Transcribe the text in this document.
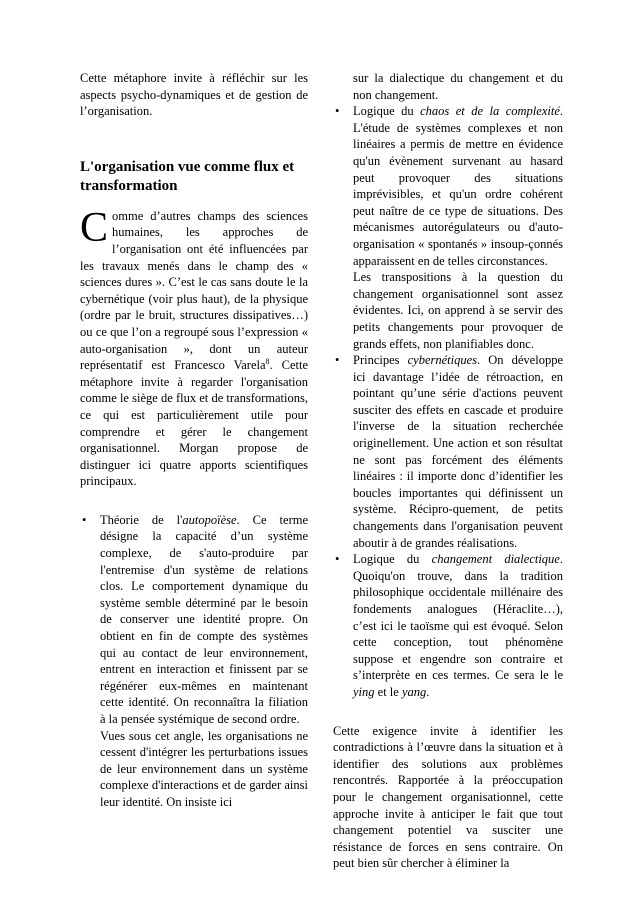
Cette métaphore invite à réfléchir sur les aspects psycho-dynamiques et de gestion de l’organisation.

L'organisation vue comme flux et transformation

Comme d’autres champs des sciences humaines, les approches de l’organisation ont été influencées par les travaux menés dans le champ des « sciences dures ». C’est le cas sans doute le la cybernétique (voir plus haut), de la physique (ordre par le bruit, structures dissipatives…) ou ce que l’on a regroupé sous l’expression « auto-organisation », dont un auteur représentatif est Francesco Varela$^8$. Cette métaphore invite à regarder l'organisation comme le siège de flux et de transformations, ce qui est particulièrement utile pour comprendre et gérer le changement organisationnel. Morgan propose de distinguer ici quatre apports scientifiques principaux.

• Théorie de l'autopoïèse. Ce terme désigne la capacité d’un système complexe, de s'auto-produire par l'entremise d'un système de relations clos. Le comportement dynamique du système semble déterminé par le besoin de conserver une identité propre. On obtient en fin de compte des systèmes qui au contact de leur environnement, entrent en interaction et finissent par se régénérer eux-mêmes en maintenant cette identité. On reconnaîtra la filiation à la pensée systémique de second ordre.
Vues sous cet angle, les organisations ne cessent d'intégrer les perturbations issues de leur environnement dans un système complexe d'interactions et de garder ainsi leur identité. On insiste ici
sur la dialectique du changement et du non changement.
• Logique du chaos et de la complexité. L'étude de systèmes complexes et non linéaires a permis de mettre en évidence qu'un évènement survenant au hasard peut provoquer des situations imprévisibles, et qu'un ordre cohérent peut naître de ce type de situations. Des mécanismes autorégulateurs ou d'auto-organisation « spontanés » insoup-çonnés apparaissent en de telles circonstances.
Les transpositions à la question du changement organisationnel sont assez évidentes. Ici, on apprend à se servir des petits changements pour provoquer de grands effets, non planifiables donc.
• Principes cybernétiques. On développe ici davantage l’idée de rétroaction, en pointant qu’une série d'actions peuvent susciter des effets en cascade et produire l'inverse de la situation recherchée originellement. Une action et son résultat ne sont pas forcément des éléments linéaires : il importe donc d’identifier les boucles importantes qui définissent un système. Récipro-quement, de petits changements dans l'organisation peuvent aboutir à de grandes réalisations.
• Logique du changement dialectique. Quoiqu'on trouve, dans la tradition philosophique occidentale millénaire des fondements analogues (Héraclite…), c’est ici le taoïsme qui est évoqué. Selon cette conception, tout phénomène suppose et engendre son contraire et s’interprète en ces termes. Ce sera le le ying et le yang.

Cette exigence invite à identifier les contradictions à l’œuvre dans la situation et à identifier des solutions aux problèmes rencontrés. Rapportée à la préoccupation pour le changement organisationnel, cette approche invite à anticiper le fait que tout changement potentiel va susciter une résistance de forces en sens contraire. On peut bien sûr chercher à éliminer la
